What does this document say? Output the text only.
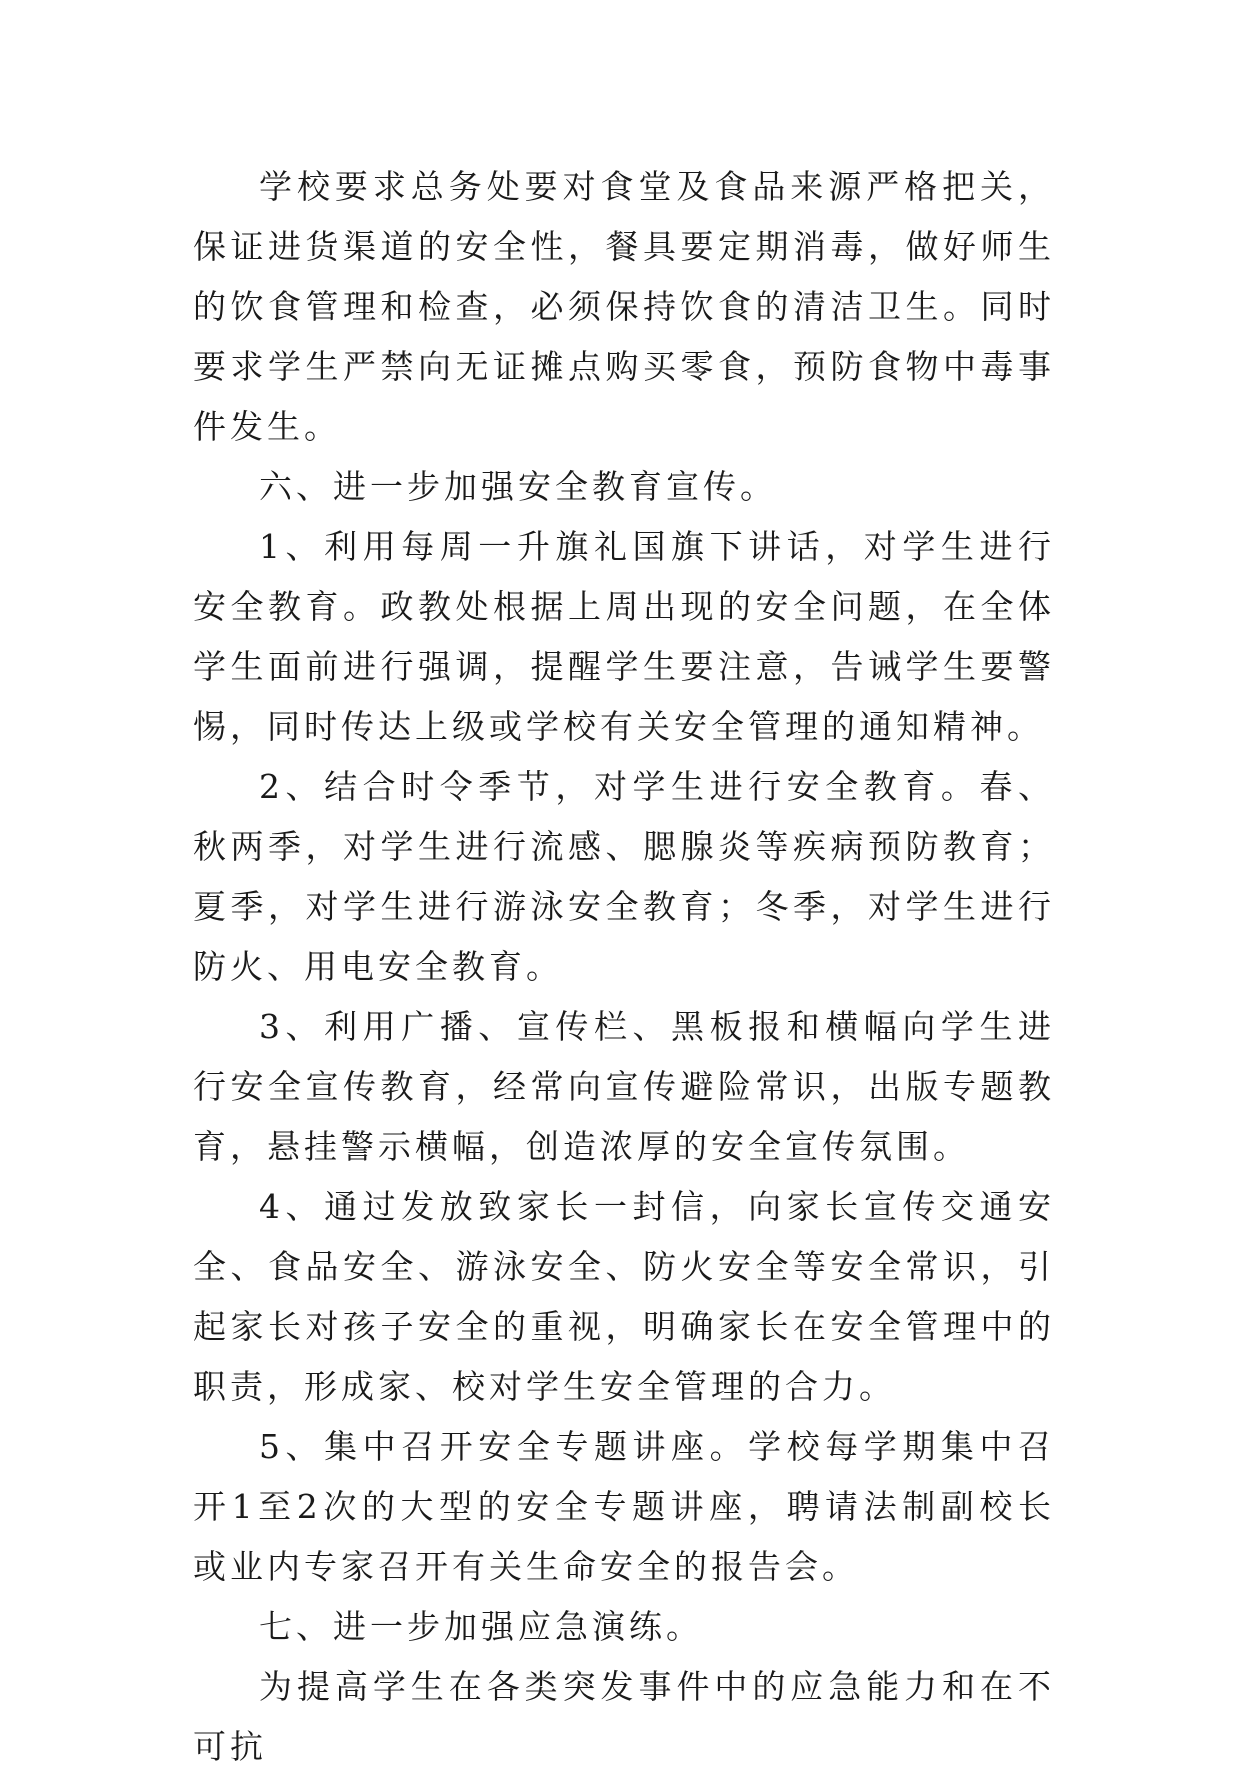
学校要求总务处要对食堂及食品来源严格把关，保证进货渠道的安全性，餐具要定期消毒，做好师生的饮食管理和检查，必须保持饮食的清洁卫生。同时要求学生严禁向无证摊点购买零食，预防食物中毒事件发生。

六、进一步加强安全教育宣传。

1、利用每周一升旗礼国旗下讲话，对学生进行安全教育。政教处根据上周出现的安全问题，在全体学生面前进行强调，提醒学生要注意，告诫学生要警惕，同时传达上级或学校有关安全管理的通知精神。

2、结合时令季节，对学生进行安全教育。春、秋两季，对学生进行流感、腮腺炎等疾病预防教育；夏季，对学生进行游泳安全教育；冬季，对学生进行防火、用电安全教育。

3、利用广播、宣传栏、黑板报和横幅向学生进行安全宣传教育，经常向宣传避险常识，出版专题教育，悬挂警示横幅，创造浓厚的安全宣传氛围。

4、通过发放致家长一封信，向家长宣传交通安全、食品安全、游泳安全、防火安全等安全常识，引起家长对孩子安全的重视，明确家长在安全管理中的职责，形成家、校对学生安全管理的合力。

5、集中召开安全专题讲座。学校每学期集中召开1至2次的大型的安全专题讲座，聘请法制副校长或业内专家召开有关生命安全的报告会。

七、进一步加强应急演练。

为提高学生在各类突发事件中的应急能力和在不可抗
